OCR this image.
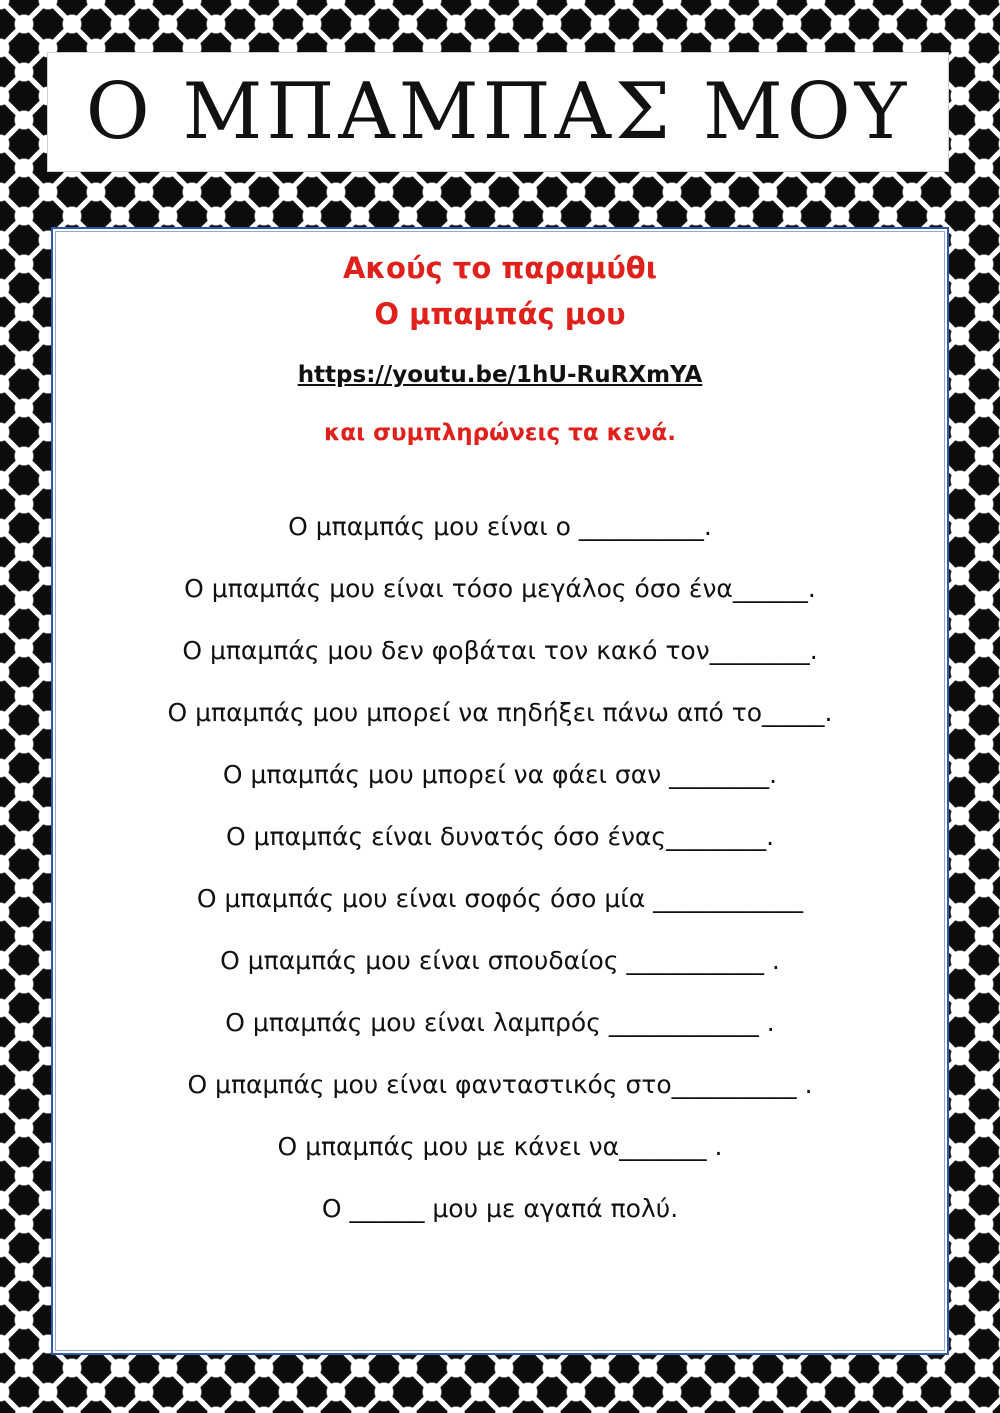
Ο ΜΠΑΜΠΑΣ ΜΟΥ
Ακούς το παραμύθι
Ο μπαμπάς μου
https://youtu.be/1hU-RuRXmYA
και συμπληρώνεις τα κενά.
Ο μπαμπάς μου είναι ο __________.
Ο μπαμπάς μου είναι τόσο μεγάλος όσο ένα______.
Ο μπαμπάς μου δεν φοβάται τον κακό τον________.
Ο μπαμπάς μου μπορεί να πηδήξει πάνω από το_____.
Ο μπαμπάς μου μπορεί να φάει σαν ________.
Ο μπαμπάς είναι δυνατός όσο ένας________.
Ο μπαμπάς μου είναι σοφός όσο μία ____________
Ο μπαμπάς μου είναι σπουδαίος ___________ .
Ο μπαμπάς μου είναι λαμπρός ____________ .
Ο μπαμπάς μου είναι φανταστικός στο__________ .
Ο μπαμπάς μου με κάνει να_______ .
Ο ______ μου με αγαπά πολύ.
